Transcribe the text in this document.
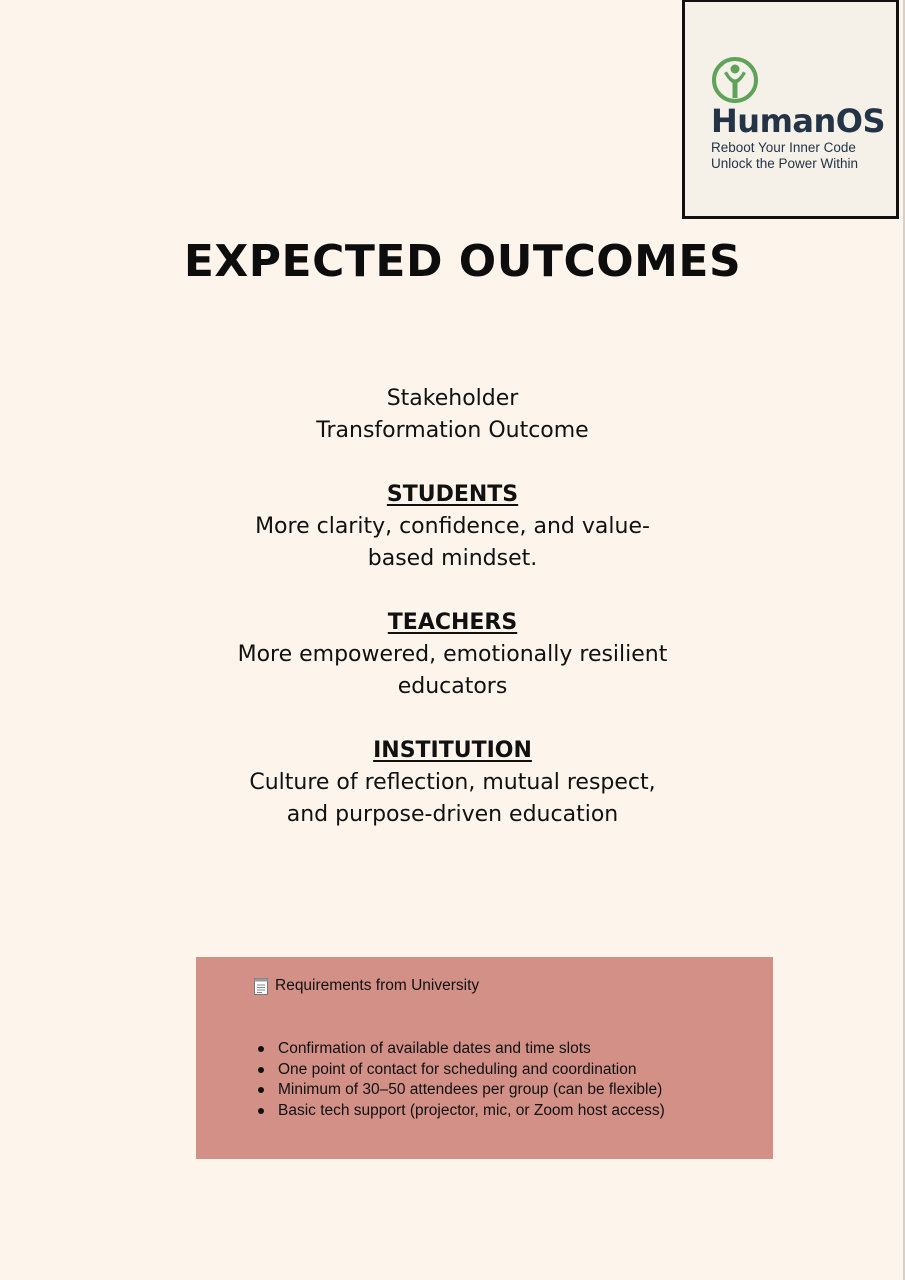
HumanOS
Reboot Your Inner Code
Unlock the Power Within
EXPECTED OUTCOMES
Stakeholder
Transformation Outcome
STUDENTS
More clarity, confidence, and value-
based mindset.
TEACHERS
More empowered, emotionally resilient
educators
INSTITUTION
Culture of reflection, mutual respect,
and purpose-driven education
Requirements from University
Confirmation of available dates and time slots
One point of contact for scheduling and coordination
Minimum of 30–50 attendees per group (can be flexible)
Basic tech support (projector, mic, or Zoom host access)
